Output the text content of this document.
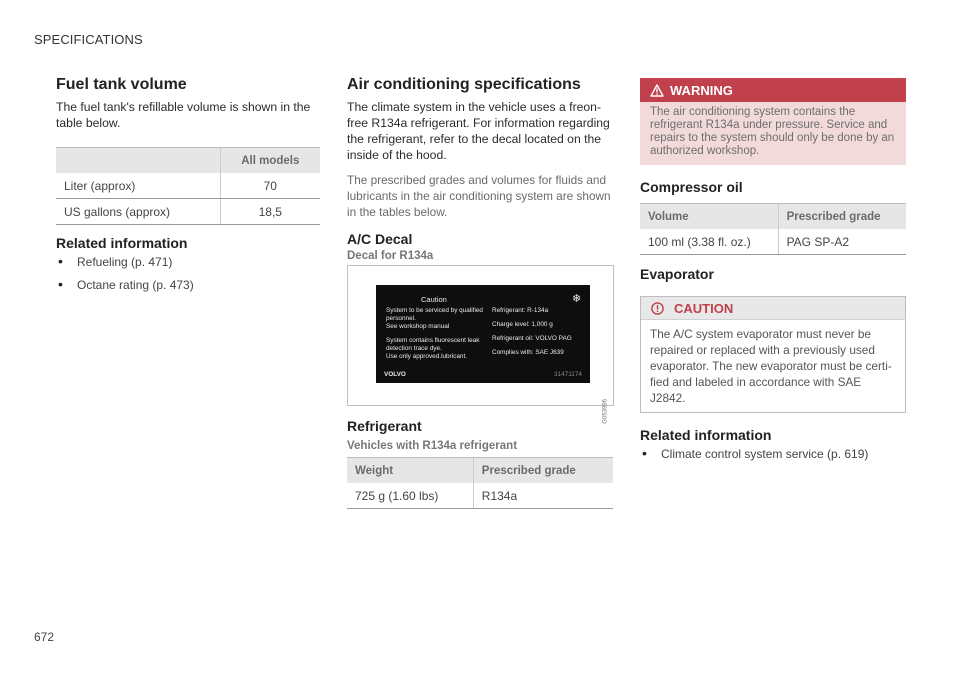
SPECIFICATIONS
672
Fuel tank volume

The fuel tank's refillable volume is shown in the table below.

	All models
Liter (approx)	70
US gallons (approx)	18,5
Related information
• Refueling (p. 471)
• Octane rating (p. 473)
Air conditioning specifications

The climate system in the vehicle uses a freon-free R134a refrigerant. For information regarding the refrigerant, refer to the decal located on the inside of the hood.

The prescribed grades and volumes for fluids and lubricants in the air conditioning system are shown in the tables below.

A/C Decal
Decal for R134a
Caution	❄
System to be serviced by qualified
personnel.
See workshop manual
System contains fluorescent leak
detection trace dye.
Use only approved.lubricant.
Refrigerant: R-134a
Charge level: 1,000 g
Refrigerant oil: VOLVO PAG
Complies with: SAE J639
VOLVO	31471174
G053996
Refrigerant
Vehicles with R134a refrigerant
Weight	Prescribed grade
725 g (1.60 lbs)	R134a
WARNING

The air conditioning system contains the refrigerant R134a under pressure. Service and repairs to the system should only be done by an authorized workshop.

Compressor oil
Volume	Prescribed grade
100 ml (3.38 fl. oz.)	PAG SP-A2
Evaporator
CAUTION

The A/C system evaporator must never be repaired or replaced with a previously used evaporator. The new evaporator must be certi-fied and labeled in accordance with SAE J2842.

Related information
• Climate control system service (p. 619)
